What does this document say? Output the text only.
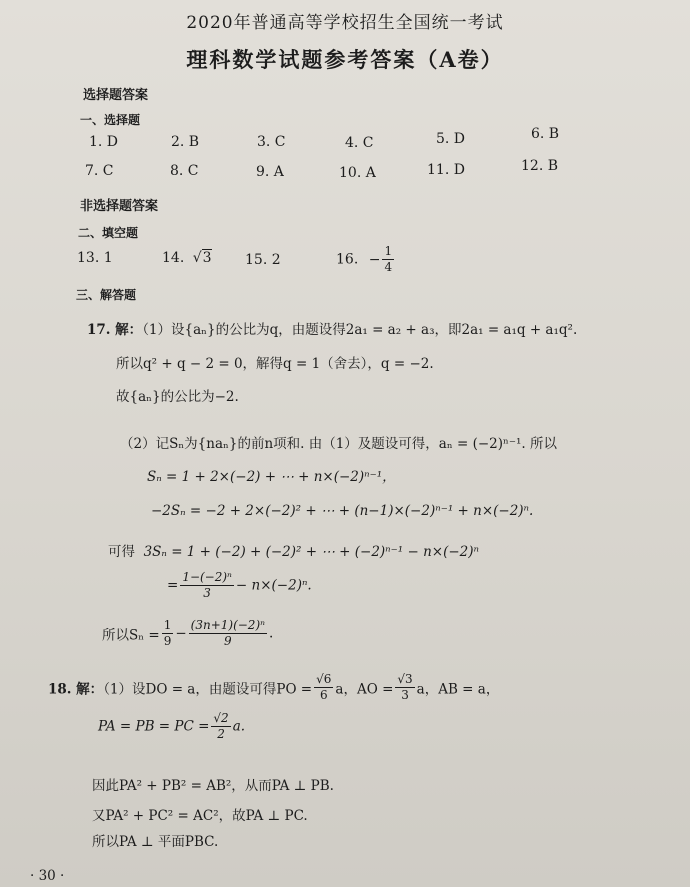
2020年普通高等学校招生全国统一考试
理科数学试题参考答案（A卷）
选择题答案
一、选择题
1. D	2. B	3. C	4. C	5. D	6. B
7. C	8. C	9. A	10. A	11. D	12. B
非选择题答案
二、填空题
13. 1	14. √3 15. 2	16. − $\frac{1}{4}$
三、解答题
17. 解：（1）设{aₙ}的公比为q，由题设得2a₁ = a₂ + a₃，即2a₁ = a₁q + a₁q².
所以q² + q − 2 = 0，解得q = 1（舍去），q = −2.
故{aₙ}的公比为−2.
（2）记Sₙ为{naₙ}的前n项和. 由（1）及题设可得，aₙ = (−2)ⁿ⁻¹. 所以
Sₙ = 1 + 2×(−2) + ⋯ + n×(−2)ⁿ⁻¹，
−2Sₙ = −2 + 2×(−2)² + ⋯ + (n−1)×(−2)ⁿ⁻¹ + n×(−2)ⁿ.
可得 3Sₙ = 1 + (−2) + (−2)² + ⋯ + (−2)ⁿ⁻¹ − n×(−2)ⁿ
= $\frac{\text{1−(−2)ⁿ}}{3} - n\times(-2)^n$.
所以$S_n = \frac{1}{9} - \frac{\text{(3n+1)(−2)ⁿ}}{9}$ .
18. 解：（1）设DO = a，由题设可得PO = $\frac{√6}{6}$ a，AO = $\frac{√3}{3}$ a，AB = a，
PA = PB = PC = $\frac{√2}{2} a$.
因此PA² + PB² = AB²，从而PA ⊥ PB.
又PA² + PC² = AC²，故PA ⊥ PC.
所以PA ⊥ 平面PBC.
· 30 ·
